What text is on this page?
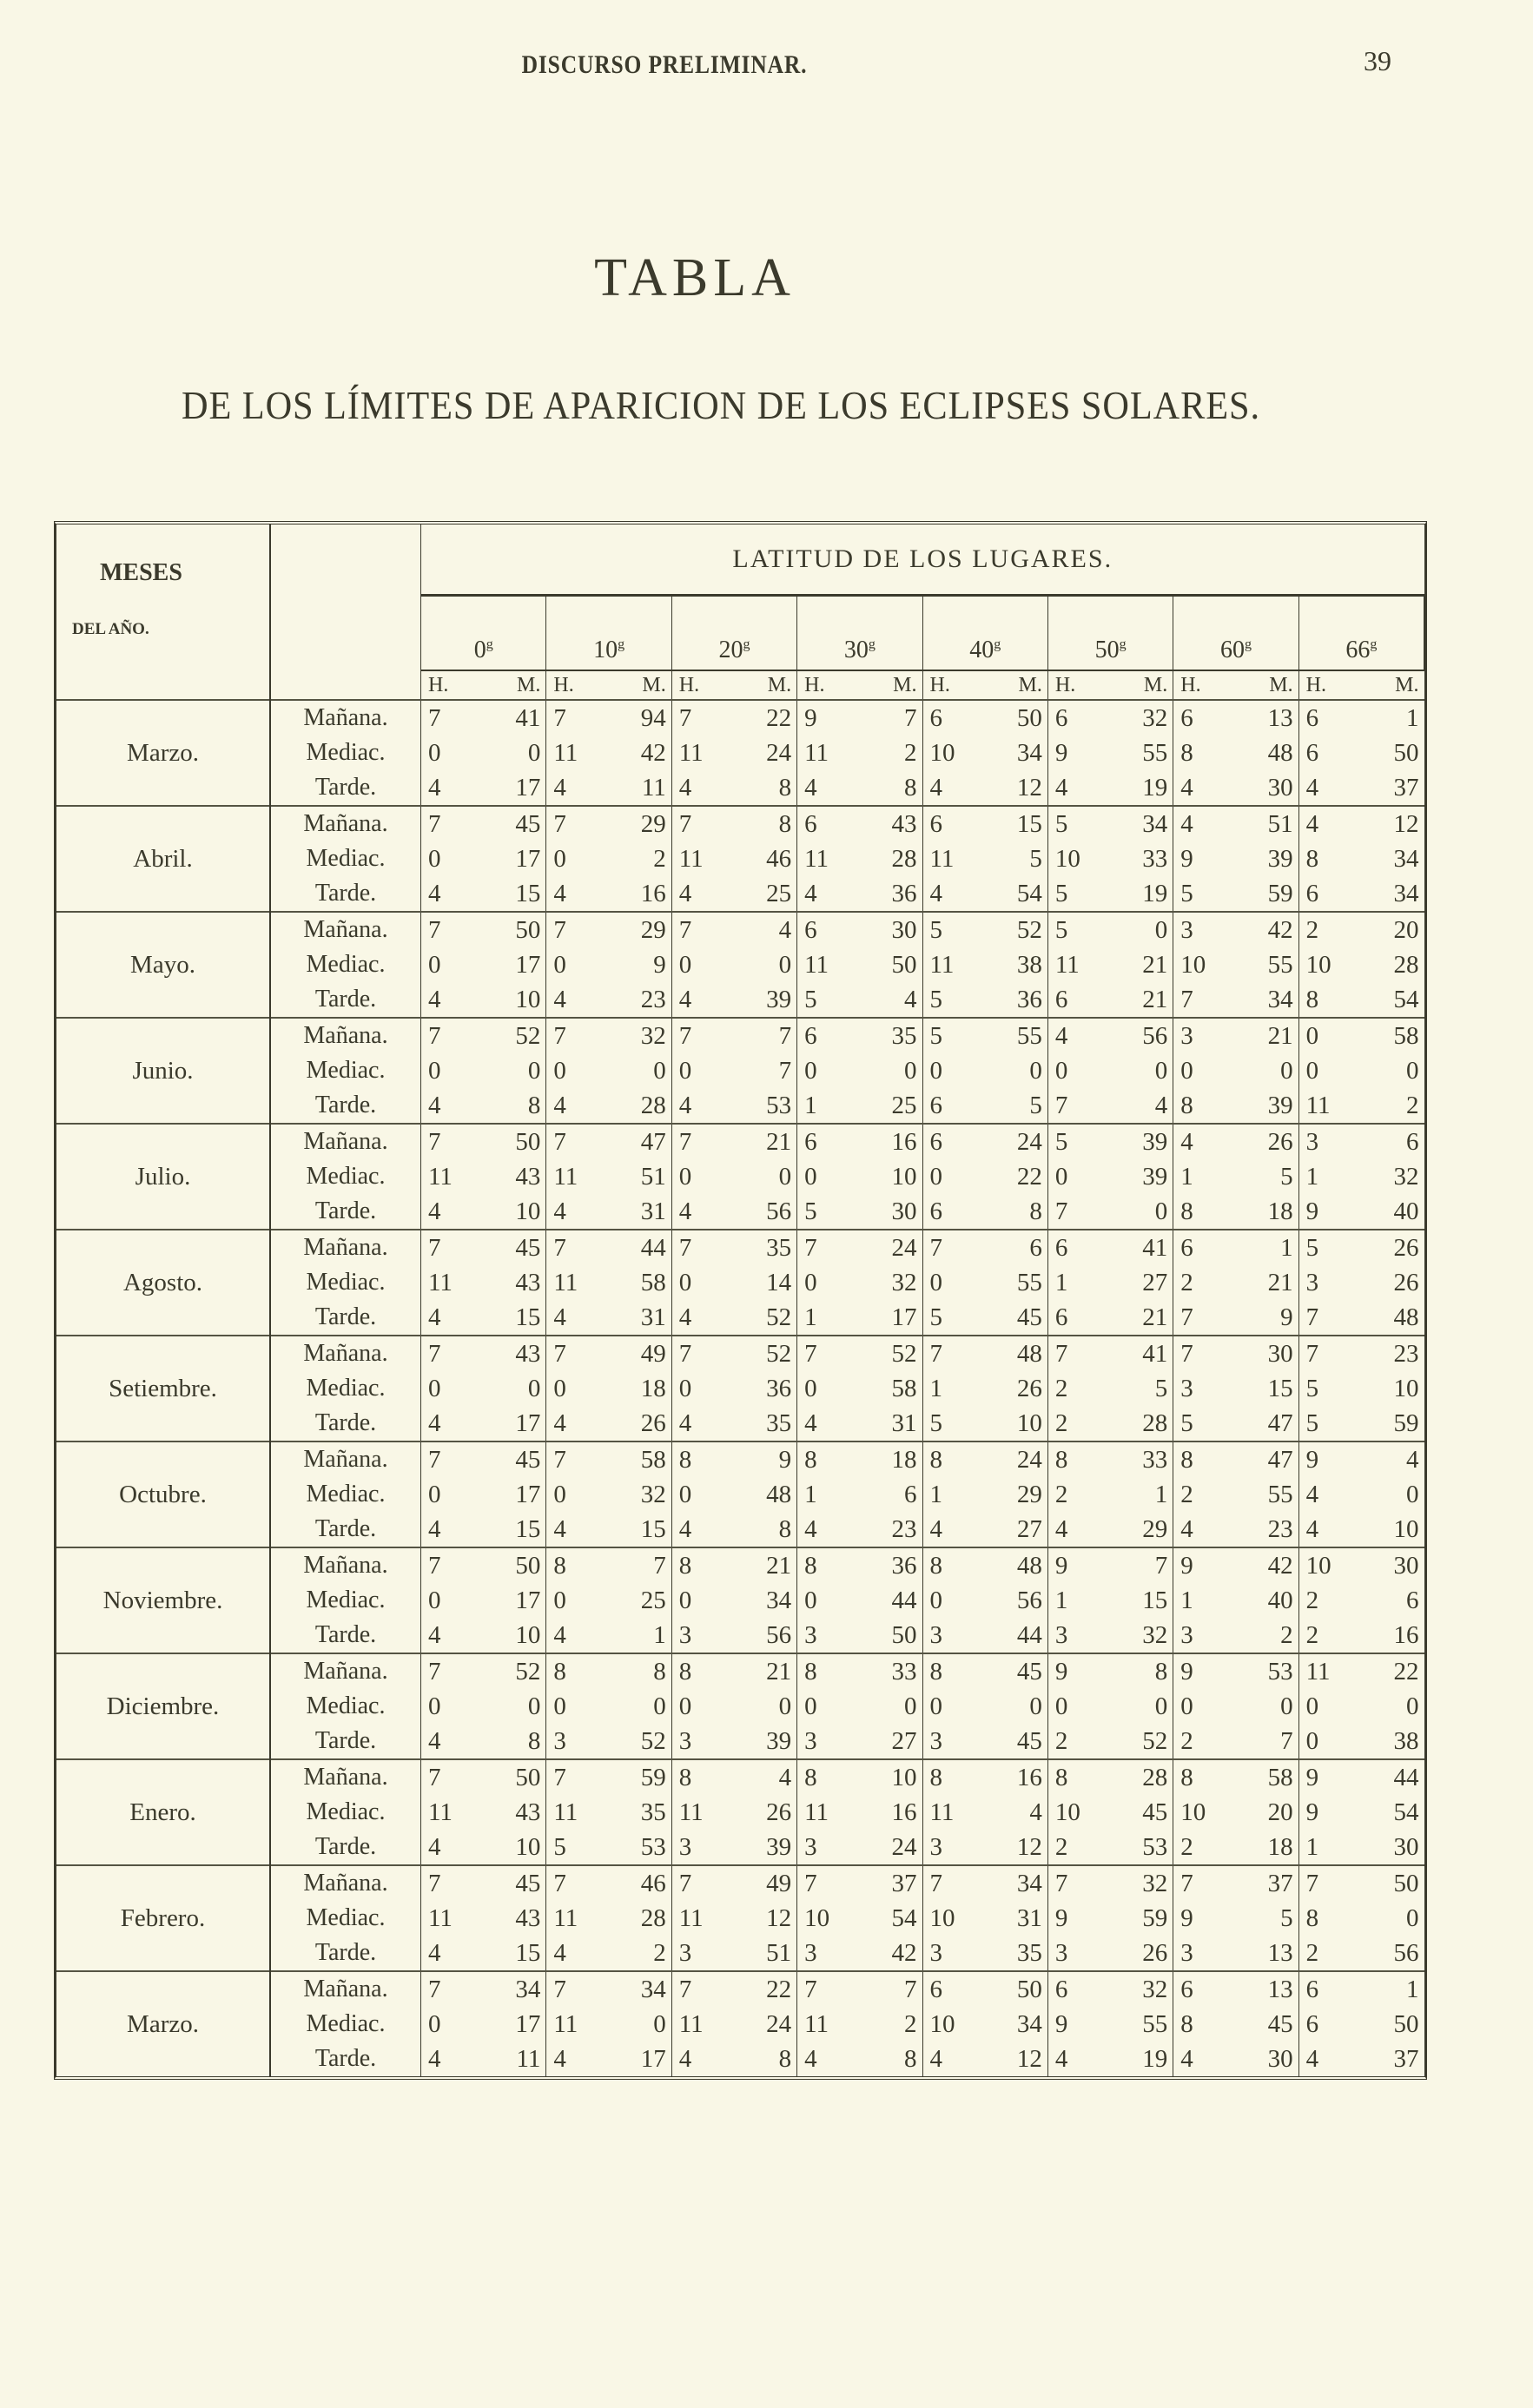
DISCURSO PRELIMINAR.	39
TABLA
DE LOS LÍMITES DE APARICION DE LOS ECLIPSES SOLARES.
MESES
DEL AÑO.		LATITUD DE LOS LUGARES.							
		0$^g$	10$^g$	20$^g$	30$^g$	40$^g$	50$^g$	60$^g$	66$^g$

		H. M.	H. M.	H. M.	H. M.	H. M.	H. M.	H. M.	H. M.

Marzo.	Mañana.	7 41	7 94	7 22	9 7	6 50	6 32	6 13	6 1

	Mediac.	0 0	11 42	11 24	11 2	10 34	9 55	8 48	6 50

	Tarde.	4 17	4 11	4 8	4 8	4 12	4 19	4 30	4 37

Abril.	Mañana.	7 45	7 29	7 8	6 43	6 15	5 34	4 51	4 12

	Mediac.	0 17	0 2	11 46	11 28	11 5	10 33	9 39	8 34

	Tarde.	4 15	4 16	4 25	4 36	4 54	5 19	5 59	6 34

Mayo.	Mañana.	7 50	7 29	7 4	6 30	5 52	5 0	3 42	2 20

	Mediac.	0 17	0 9	0 0	11 50	11 38	11 21	10 55	10 28

	Tarde.	4 10	4 23	4 39	5 4	5 36	6 21	7 34	8 54

Junio.	Mañana.	7 52	7 32	7 7	6 35	5 55	4 56	3 21	0 58

	Mediac.	0 0	0 0	0 7	0 0	0 0	0 0	0 0	0 0

	Tarde.	4 8	4 28	4 53	1 25	6 5	7 4	8 39	11 2

Julio.	Mañana.	7 50	7 47	7 21	6 16	6 24	5 39	4 26	3 6

	Mediac.	11 43	11 51	0 0	0 10	0 22	0 39	1 5	1 32

	Tarde.	4 10	4 31	4 56	5 30	6 8	7 0	8 18	9 40

Agosto.	Mañana.	7 45	7 44	7 35	7 24	7 6	6 41	6 1	5 26

	Mediac.	11 43	11 58	0 14	0 32	0 55	1 27	2 21	3 26

	Tarde.	4 15	4 31	4 52	1 17	5 45	6 21	7 9	7 48

Setiembre.	Mañana.	7 43	7 49	7 52	7 52	7 48	7 41	7 30	7 23

	Mediac.	0 0	0 18	0 36	0 58	1 26	2 5	3 15	5 10

	Tarde.	4 17	4 26	4 35	4 31	5 10	2 28	5 47	5 59

Octubre.	Mañana.	7 45	7 58	8 9	8 18	8 24	8 33	8 47	9 4

	Mediac.	0 17	0 32	0 48	1 6	1 29	2 1	2 55	4 0

	Tarde.	4 15	4 15	4 8	4 23	4 27	4 29	4 23	4 10

Noviembre.	Mañana.	7 50	8 7	8 21	8 36	8 48	9 7	9 42	10 30

	Mediac.	0 17	0 25	0 34	0 44	0 56	1 15	1 40	2 6

	Tarde.	4 10	4 1	3 56	3 50	3 44	3 32	3 2	2 16

Diciembre.	Mañana.	7 52	8 8	8 21	8 33	8 45	9 8	9 53	11 22

	Mediac.	0 0	0 0	0 0	0 0	0 0	0 0	0 0	0 0

	Tarde.	4 8	3 52	3 39	3 27	3 45	2 52	2 7	0 38

Enero.	Mañana.	7 50	7 59	8 4	8 10	8 16	8 28	8 58	9 44

	Mediac.	11 43	11 35	11 26	11 16	11 4	10 45	10 20	9 54

	Tarde.	4 10	5 53	3 39	3 24	3 12	2 53	2 18	1 30

Febrero.	Mañana.	7 45	7 46	7 49	7 37	7 34	7 32	7 37	7 50

	Mediac.	11 43	11 28	11 12	10 54	10 31	9 59	9 5	8 0

	Tarde.	4 15	4 2	3 51	3 42	3 35	3 26	3 13	2 56

Marzo.	Mañana.	7 34	7 34	7 22	7 7	6 50	6 32	6 13	6 1

	Mediac.	0 17	11 0	11 24	11 2	10 34	9 55	8 45	6 50

	Tarde.	4 11	4 17	4 8	4 8	4 12	4 19	4 30	4 37
